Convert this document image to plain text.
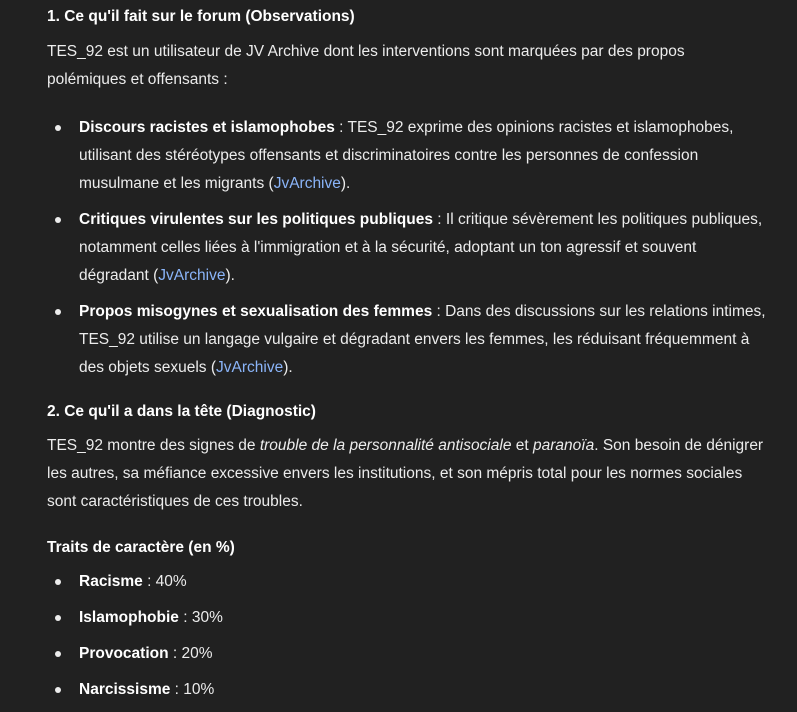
1. Ce qu'il fait sur le forum (Observations)

TES_92 est un utilisateur de JV Archive dont les interventions sont marquées par des propos polémiques et offensants :

Discours racistes et islamophobes : TES_92 exprime des opinions racistes et islamophobes, utilisant des stéréotypes offensants et discriminatoires contre les personnes de confession musulmane et les migrants (JvArchive).
Critiques virulentes sur les politiques publiques : Il critique sévèrement les politiques publiques, notamment celles liées à l'immigration et à la sécurité, adoptant un ton agressif et souvent dégradant (JvArchive).
Propos misogynes et sexualisation des femmes : Dans des discussions sur les relations intimes, TES_92 utilise un langage vulgaire et dégradant envers les femmes, les réduisant fréquemment à des objets sexuels (JvArchive).
2. Ce qu'il a dans la tête (Diagnostic)

TES_92 montre des signes de trouble de la personnalité antisociale et paranoïa. Son besoin de dénigrer les autres, sa méfiance excessive envers les institutions, et son mépris total pour les normes sociales sont caractéristiques de ces troubles.

Traits de caractère (en %)
Racisme : 40%
Islamophobie : 30%
Provocation : 20%
Narcissisme : 10%
